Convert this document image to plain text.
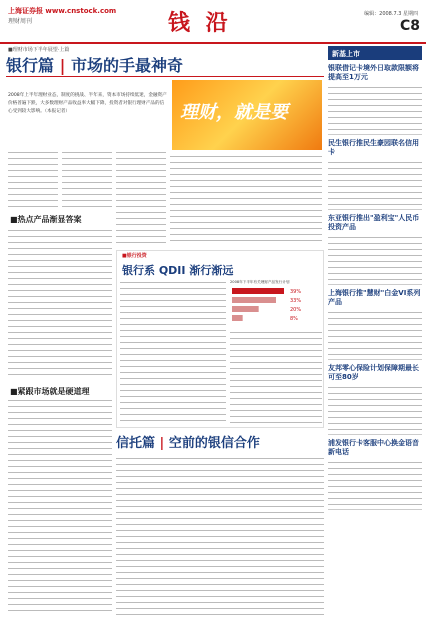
上海证券报 www.cnstock.com
理财周刊	钱 沿	编辑：2008.7.3 星期四
C8
■理财市场下半年展望·上篇
银行篇 | 市场的手最神奇
理财，就是要
2008年上半年理财业态，制度的挑战、半年来，资本市场持续低迷，金融资产价格普遍下跌，大多数理财产品收益率大幅下降，投资者对银行理财产品的信心受到较大影响。（本报记者）
■热点产品渐显答案
■紧跟市场就是硬道理
■银行投资
银行系 QDII 渐行渐远
2008年下半年有关理财产品发行计划
39%
33%
20%
8%
信托篇 | 空前的银信合作
新基上市
银联借记卡境外日取款限额将提高至1万元
民生银行推民生豪园联名信用卡
东亚银行推出"盈利宝"人民币投资产品
上海银行推"慧财"白金VI系列产品
友邦零心保险计划保障期最长可至80岁
浦发银行卡客服中心换金语音新电话
